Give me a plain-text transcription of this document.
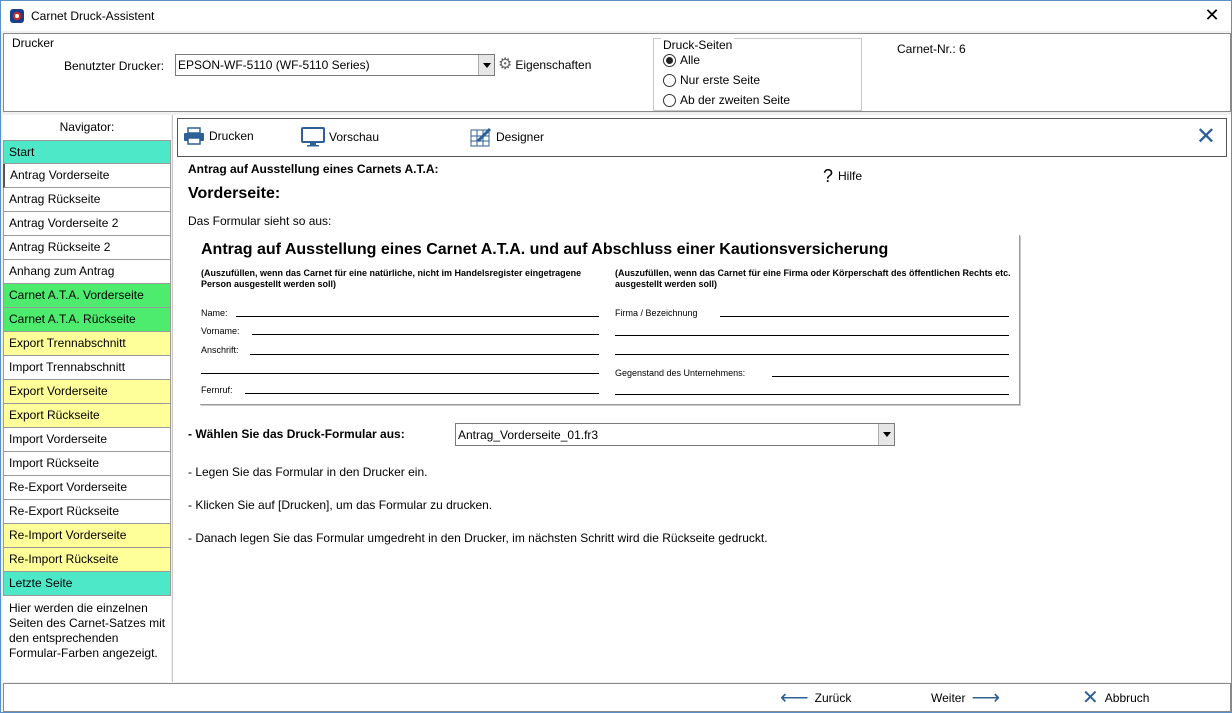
Carnet Druck-Assistent	✕
Drucker
Benutzter Drucker: EPSON-WF-5110 (WF-5110 Series)	⚙ Eigenschaften
Druck-Seiten
Alle
Nur erste Seite
Ab der zweiten Seite
Carnet-Nr.: 6
Navigator:
Start
Antrag Vorderseite
Antrag Rückseite
Antrag Vorderseite 2
Antrag Rückseite 2
Anhang zum Antrag
Carnet A.T.A. Vorderseite
Carnet A.T.A. Rückseite
Export Trennabschnitt
Import Trennabschnitt
Export Vorderseite
Export Rückseite
Import Vorderseite
Import Rückseite
Re-Export Vorderseite
Re-Export Rückseite
Re-Import Vorderseite
Re-Import Rückseite
Letzte Seite
Hier werden die einzelnen Seiten des Carnet-Satzes mit den entsprechenden Formular-Farben angezeigt.
Drucken	Vorschau	Designer	✕
Antrag auf Ausstellung eines Carnets A.T.A:	? Hilfe
Vorderseite:
Das Formular sieht so aus:
Antrag auf Ausstellung eines Carnet A.T.A. und auf Abschluss einer Kautionsversicherung
(Auszufüllen, wenn das Carnet für eine natürliche, nicht im Handelsregister eingetragene Person ausgestellt werden soll)
(Auszufüllen, wenn das Carnet für eine Firma oder Körperschaft des öffentlichen Rechts etc. ausgestellt werden soll)
Name:
Vorname:
Anschrift:
Fernruf:
Firma / Bezeichnung
Gegenstand des Unternehmens:
- Wählen Sie das Druck-Formular aus:	Antrag_Vorderseite_01.fr3
- Legen Sie das Formular in den Drucker ein.
- Klicken Sie auf [Drucken], um das Formular zu drucken.
- Danach legen Sie das Formular umgedreht in den Drucker, im nächsten Schritt wird die Rückseite gedruckt.
⟵ Zurück	Weiter ⟶	✕ Abbruch
